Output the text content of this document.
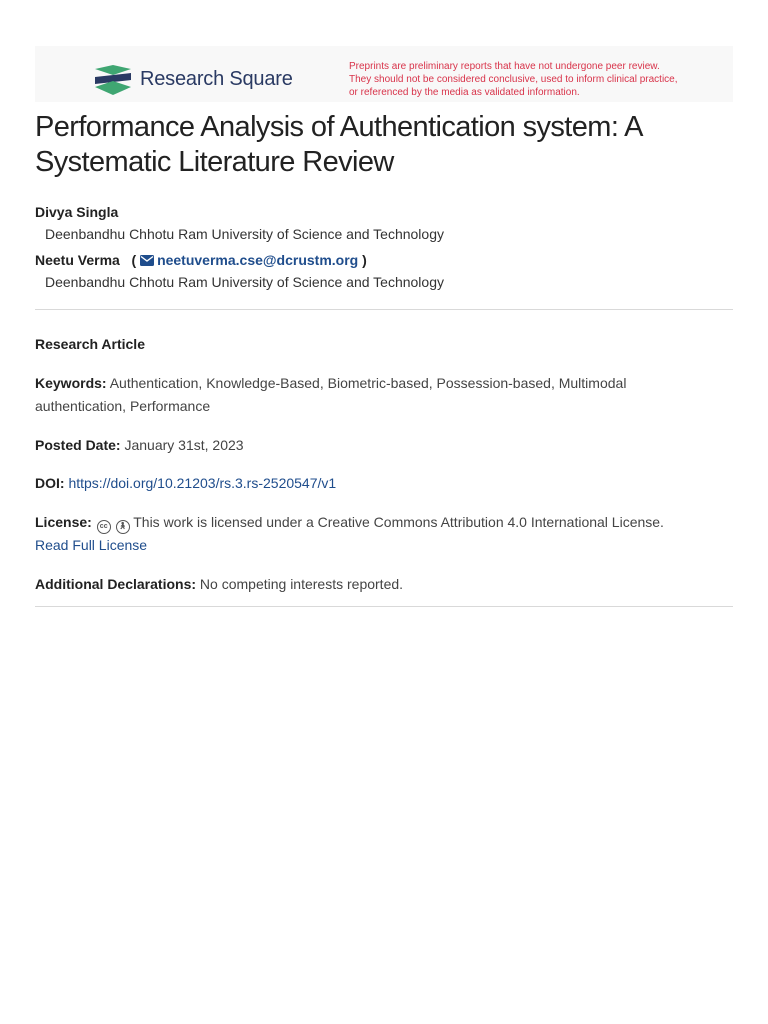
Research Square
Preprints are preliminary reports that have not undergone peer review.
They should not be considered conclusive, used to inform clinical practice,
or referenced by the media as validated information.
Performance Analysis of Authentication system: A
Systematic Literature Review
Divya Singla
Deenbandhu Chhotu Ram University of Science and Technology
Neetu Verma   ( neetuverma.cse@dcrustm.org )
Deenbandhu Chhotu Ram University of Science and Technology
Research Article
Keywords: Authentication, Knowledge-Based, Biometric-based, Possession-based, Multimodal authentication, Performance
Posted Date: January 31st, 2023
DOI: https://doi.org/10.21203/rs.3.rs-2520547/v1
License: cc 🚶︎ This work is licensed under a Creative Commons Attribution 4.0 International License.
Read Full License
Additional Declarations: No competing interests reported.
